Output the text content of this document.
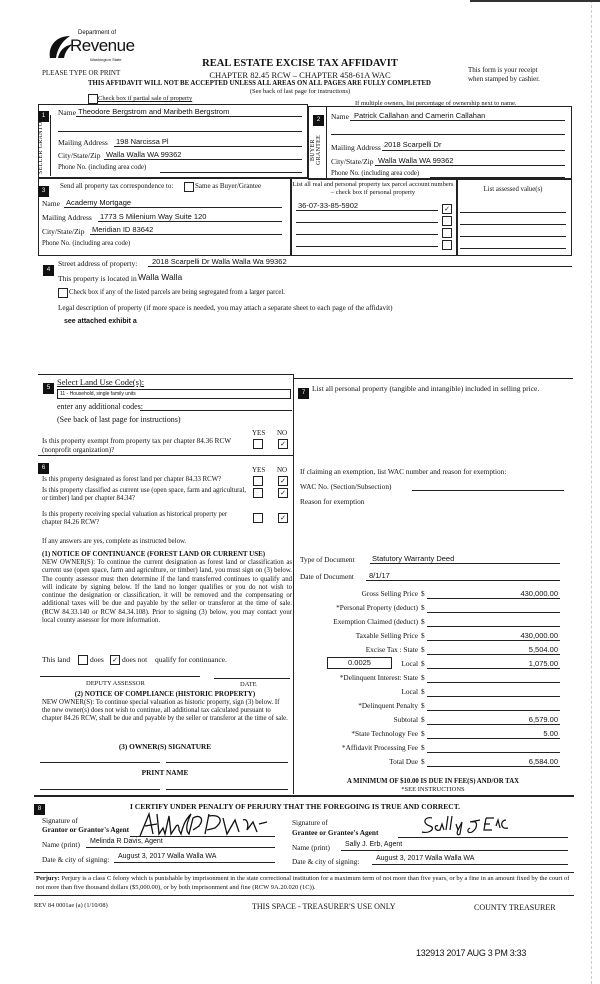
Department of
Revenue
Washington State
PLEASE TYPE OR PRINT
REAL ESTATE EXCISE TAX AFFIDAVIT
CHAPTER 82.45 RCW – CHAPTER 458-61A WAC
THIS AFFIDAVIT WILL NOT BE ACCEPTED UNLESS ALL AREAS ON ALL PAGES ARE FULLY COMPLETED
(See back of last page for instructions)
This form is your receipt
when stamped by cashier.
Check box if partial sale of property
If multiple owners, list percentage of ownership next to name.
1
SELLER GRANTOR
Name Theodore Bergstrom and Maribeth Bergstrom
Mailing Address 198 Narcissa Pl
City/State/Zip Walla Walla WA 99362
Phone No. (including area code)
2
BUYER GRANTEE
Name Patrick Callahan and Camerin Callahan
Mailing Address 2018 Scarpelli Dr
City/State/Zip Walla Walla WA 99362
Phone No. (including area code)
3
Send all property tax correspondence to:	Same as Buyer/Grantee
Name Academy Mortgage
Mailing Address 1773 S Milenium Way Suite 120
City/State/Zip Meridian ID 83642
Phone No. (including area code)
List all real and personal property tax parcel account numbers – check box if personal property	List assessed value(s)
36-07-33-85-5902	✓
4
Street address of property: 2018 Scarpelli Dr Walla Walla Wa 99362
This property is located in Walla Walla
Check box if any of the listed parcels are being segregated from a larger parcel.
Legal description of property (if more space is needed, you may attach a separate sheet to each page of the affidavit)
see attached exhibit a
5
Select Land Use Code(s):
11 - Household, single family units
enter any additional codes:
(See back of last page for instructions)
YES NO
Is this property exempt from property tax per chapter 84.36 RCW (nonprofit organization)?
✓
6	YES NO
Is this property designated as forest land per chapter 84.33 RCW?	✓
Is this property classified as current use (open space, farm and agricultural, or timber) land per chapter 84.34?
✓
Is this property receiving special valuation as historical property per chapter 84.26 RCW?
✓
If any answers are yes, complete as instructed below.
(1) NOTICE OF CONTINUANCE (FOREST LAND OR CURRENT USE)
NEW OWNER(S): To continue the current designation as forest land or classification as current use (open space, farm and agriculture, or timber) land, you must sign on (3) below. The county assessor must then determine if the land transferred continues to qualify and will indicate by signing below. If the land no longer qualifies or you do not wish to continue the designation or classification, it will be removed and the compensating or additional taxes will be due and payable by the seller or transferor at the time of sale. (RCW 84.33.140 or RCW 84.34.108). Prior to signing (3) below, you may contact your local county assessor for more information.
This land	does ✓ does not qualify for continuance.
DEPUTY ASSESSOR	DATE
(2) NOTICE OF COMPLIANCE (HISTORIC PROPERTY)
NEW OWNER(S): To continue special valuation as historic property, sign (3) below. If the new owner(s) does not wish to continue, all additional tax calculated pursuant to chapter 84.26 RCW, shall be due and payable by the seller or transferor at the time of sale.
(3) OWNER(S) SIGNATURE
PRINT NAME
7 List all personal property (tangible and intangible) included in selling price.
If claiming an exemption, list WAC number and reason for exemption:
WAC No. (Section/Subsection)
Reason for exemption
Type of Document Statutory Warranty Deed
Date of Document 8/1/17
Gross Selling Price $	430,000.00
*Personal Property (deduct) $
Exemption Claimed (deduct) $
Taxable Selling Price $	430,000.00
Excise Tax : State $	5,504.00
0.0025	Local $	1,075.00
*Delinquent Interest: State $
Local $
*Delinquent Penalty $
Subtotal $	6,579.00
*State Technology Fee $	5.00
*Affidavit Processing Fee $
Total Due $	6,584.00
A MINIMUM OF $10.00 IS DUE IN FEE(S) AND/OR TAX
*SEE INSTRUCTIONS
8	I CERTIFY UNDER PENALTY OF PERJURY THAT THE FOREGOING IS TRUE AND CORRECT.
Signature of
Grantor or Grantor's Agent
Name (print) Melinda R Davis, Agent
Date & city of signing: August 3, 2017 Walla Walla WA
Signature of
Grantee or Grantee's Agent
Name (print) Sally J. Erb, Agent
Date & city of signing: August 3, 2017 Walla Walla WA
Perjury: Perjury is a class C felony which is punishable by imprisonment in the state correctional institution for a maximum term of not more than five years, or by a fine in an amount fixed by the court of not more than five thousand dollars ($5,000.00), or by both imprisonment and fine (RCW 9A.20.020 (1C)).
REV 84 0001ae (a) (1/10/08)	THIS SPACE - TREASURER'S USE ONLY	COUNTY TREASURER
132913 2017 AUG 3 PM 3:33
